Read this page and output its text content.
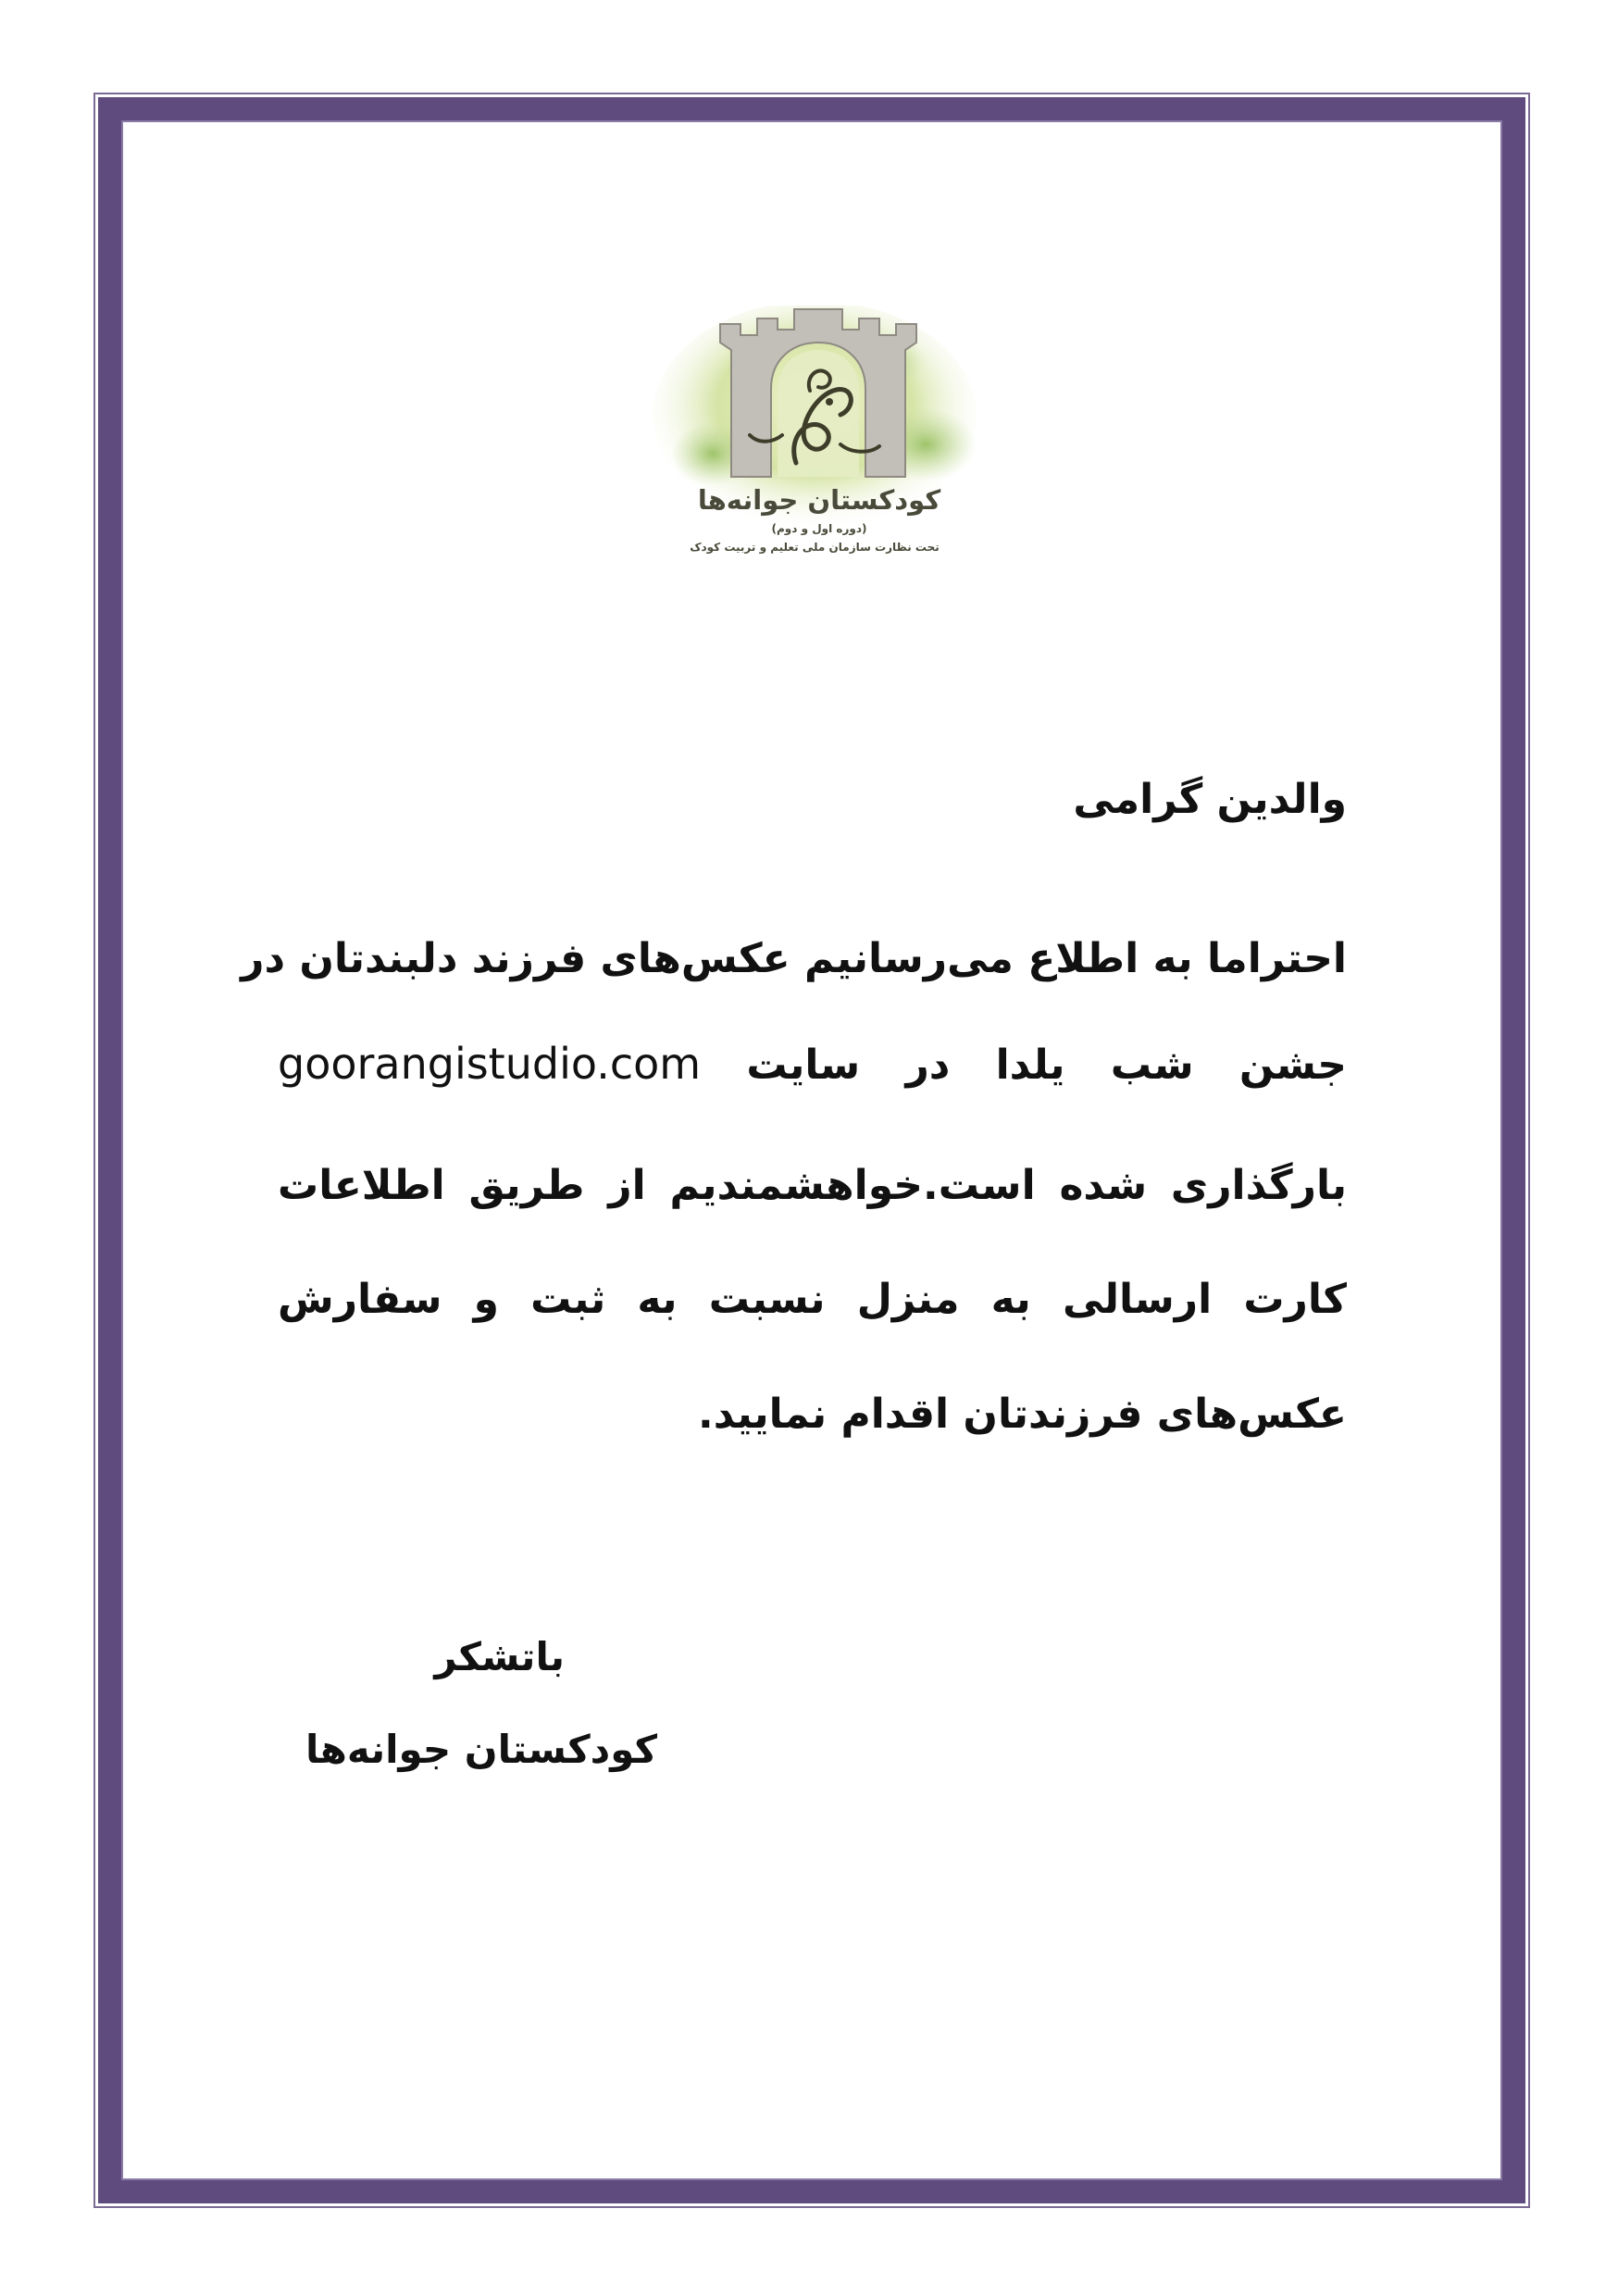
کودکستان جوانه‌ها
(دوره اول و دوم)
تحت نظارت سازمان ملی تعلیم و تربیت کودک
والدین گرامی
احتراما به اطلاع می‌رسانیم عکس‌های فرزند دلبندتان در
جشن شب یلدا در سایت goorangistudio.com
بارگذاری شده است.خواهشمندیم از طریق اطلاعات
کارت ارسالی به منزل نسبت به ثبت و سفارش
عکس‌های فرزندتان اقدام نمایید.
باتشکر
کودکستان جوانه‌ها
